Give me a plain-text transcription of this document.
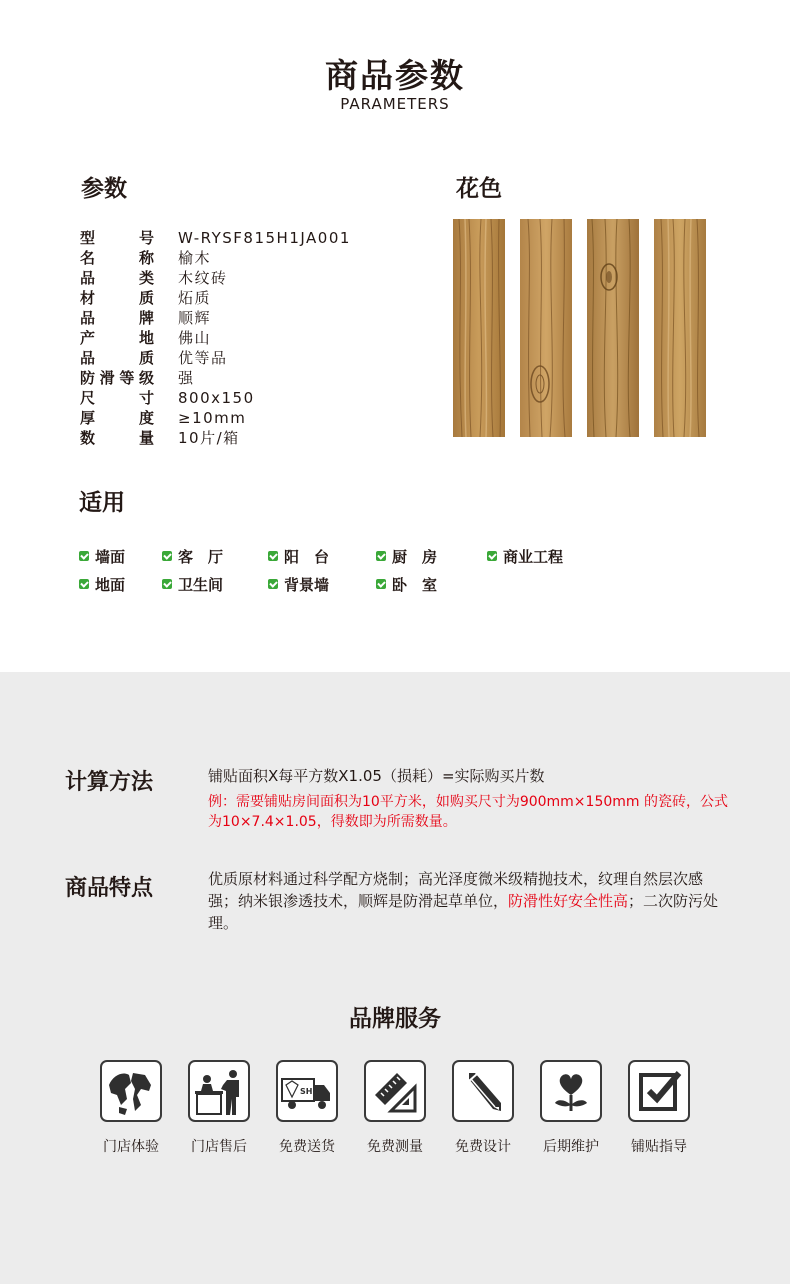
商品参数
PARAMETERS
参数	花色
型	号 W-RYSF815H1JA001
名	称 榆木
品	类 木纹砖
材	质 炻质
品	牌 顺辉
产	地 佛山
品	质 优等品
防 滑 等 级 强
尺	寸 800x150
厚	度 ≥10mm
数	量 10片/箱
适用
墙面	客　厅	阳　台	厨　房	商业工程
地面	卫生间	背景墙	卧　室
计算方法	铺贴面积X每平方数X1.05（损耗）=实际购买片数
例：需要铺贴房间面积为10平方米，如购买尺寸为900mm×150mm 的瓷砖，公式为10×7.4×1.05，得数即为所需数量。
商品特点	优质原材料通过科学配方烧制；高光泽度微米级精抛技术，纹理自然层次感强；纳米银渗透技术，顺辉是防滑起草单位，防滑性好安全性高；二次防污处理。
品牌服务
门店体验	门店售后
SH
免费送货	免费测量	免费设计	后期维护	铺贴指导
